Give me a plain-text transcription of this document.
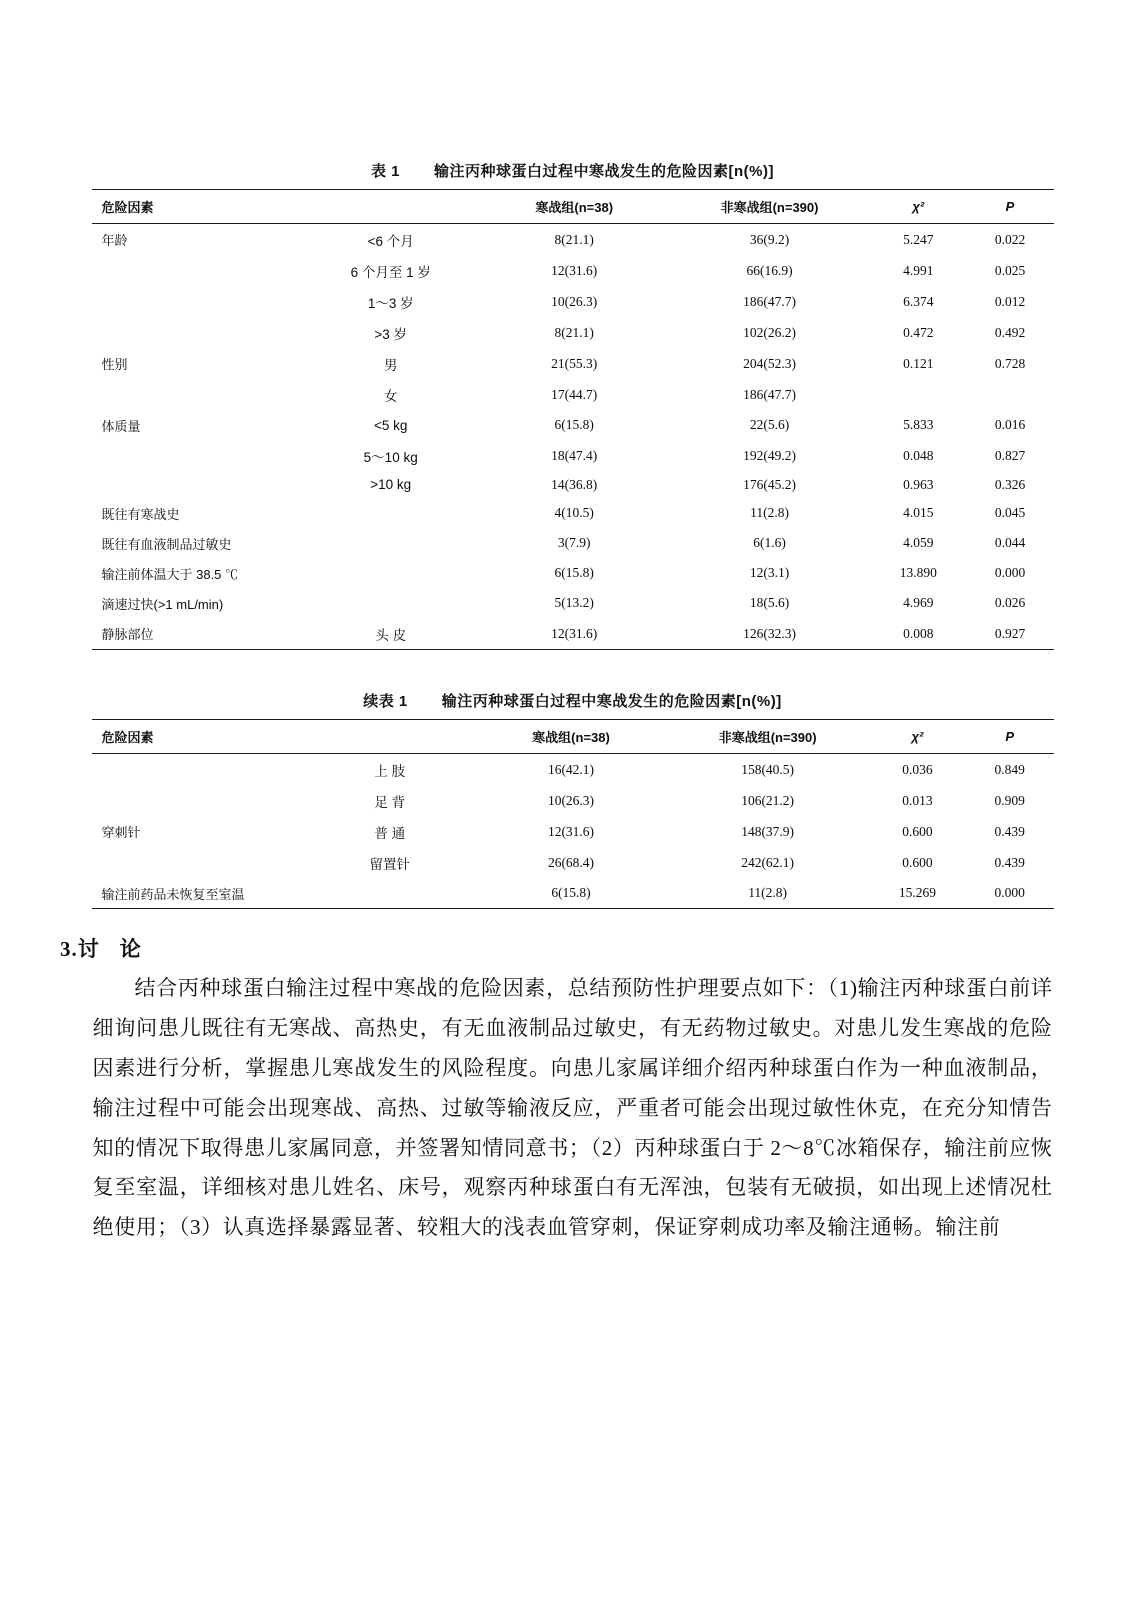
表 1 输注丙种球蛋白过程中寒战发生的危险因素[n(%)]
危险因素		寒战组(n=38)	非寒战组(n=390)	χ²	P
年龄	<6 个月	8(21.1)	36(9.2)	5.247	0.022
	6 个月至 1 岁	12(31.6)	66(16.9)	4.991	0.025
	1～3 岁	10(26.3)	186(47.7)	6.374	0.012
	>3 岁	8(21.1)	102(26.2)	0.472	0.492
性别	男	21(55.3)	204(52.3)	0.121	0.728
	女	17(44.7)	186(47.7)		
体质量	<5 kg	6(15.8)	22(5.6)	5.833	0.016
	5～10 kg	18(47.4)	192(49.2)	0.048	0.827
	>10 kg	14(36.8)	176(45.2)	0.963	0.326
既往有寒战史		4(10.5)	11(2.8)	4.015	0.045
既往有血液制品过敏史		3(7.9)	6(1.6)	4.059	0.044
输注前体温大于 38.5 ℃		6(15.8)	12(3.1)	13.890	0.000
滴速过快(>1 mL/min)		5(13.2)	18(5.6)	4.969	0.026
静脉部位	头 皮	12(31.6)	126(32.3)	0.008	0.927
续表 1 输注丙种球蛋白过程中寒战发生的危险因素[n(%)]
危险因素		寒战组(n=38)	非寒战组(n=390)	χ²	P
	上 肢	16(42.1)	158(40.5)	0.036	0.849
	足 背	10(26.3)	106(21.2)	0.013	0.909
穿刺针	普 通	12(31.6)	148(37.9)	0.600	0.439
	留置针	26(68.4)	242(62.1)	0.600	0.439
输注前药品未恢复至室温		6(15.8)	11(2.8)	15.269	0.000
3.讨 论

结合丙种球蛋白输注过程中寒战的危险因素，总结预防性护理要点如下：（1)输注丙种球蛋白前详细询问患儿既往有无寒战、高热史，有无血液制品过敏史，有无药物过敏史。对患儿发生寒战的危险因素进行分析，掌握患儿寒战发生的风险程度。向患儿家属详细介绍丙种球蛋白作为一种血液制品，输注过程中可能会出现寒战、高热、过敏等输液反应，严重者可能会出现过敏性休克，在充分知情告知的情况下取得患儿家属同意，并签署知情同意书；（2）丙种球蛋白于 2～8℃冰箱保存，输注前应恢复至室温，详细核对患儿姓名、床号，观察丙种球蛋白有无浑浊，包装有无破损，如出现上述情况杜绝使用；（3）认真选择暴露显著、较粗大的浅表血管穿刺，保证穿刺成功率及输注通畅。输注前
